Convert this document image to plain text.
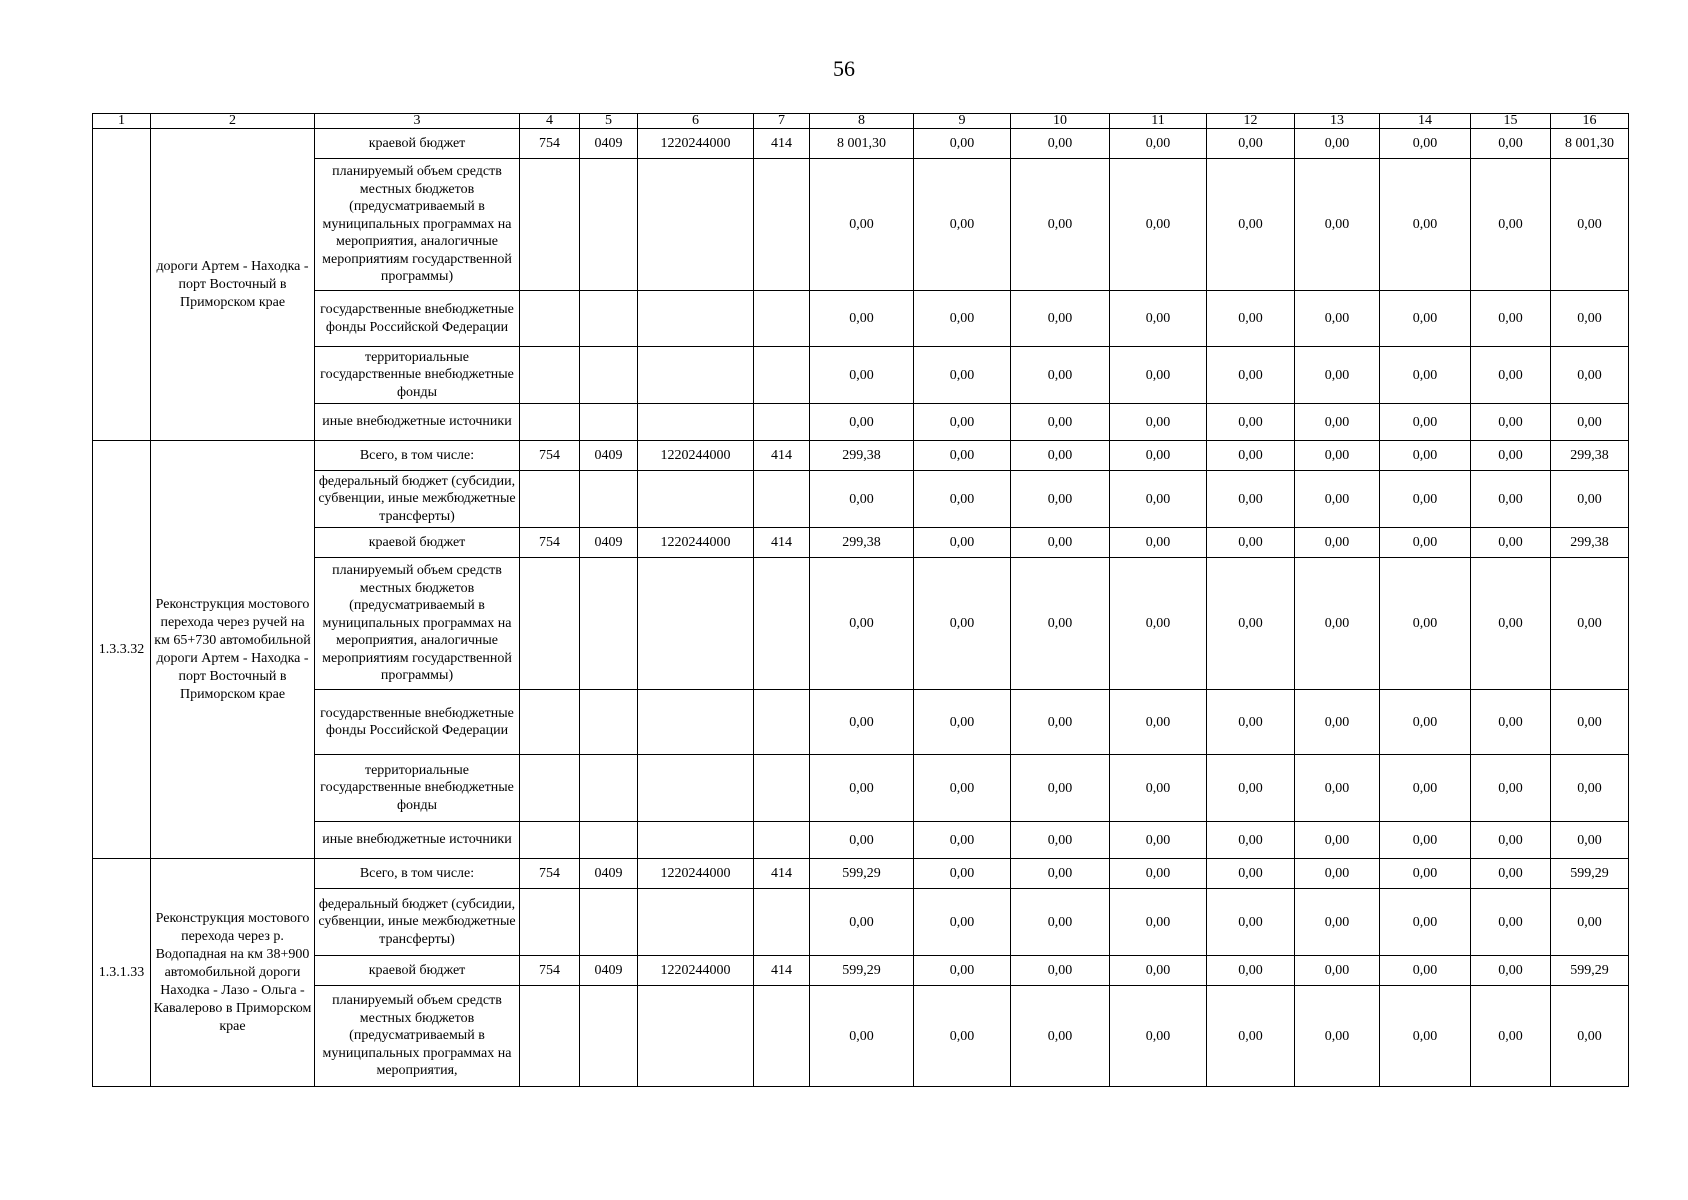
56
1	2	3	4	5	6	7	8	9	10	11	12	13	14	15	16
	дороги Артем - Находка - порт Восточный в Приморском крае	краевой бюджет	754	0409	1220244000	414	8 001,30	0,00	0,00	0,00	0,00	0,00	0,00	0,00	8 001,30
		планируемый объем средств местных бюджетов (предусматриваемый в муниципальных программах на мероприятия, аналогичные мероприятиям государственной программы)					0,00	0,00	0,00	0,00	0,00	0,00	0,00	0,00	0,00
		государственные внебюджетные фонды Российской Федерации					0,00	0,00	0,00	0,00	0,00	0,00	0,00	0,00	0,00
		территориальные государственные внебюджетные фонды					0,00	0,00	0,00	0,00	0,00	0,00	0,00	0,00	0,00
		иные внебюджетные источники					0,00	0,00	0,00	0,00	0,00	0,00	0,00	0,00	0,00
1.3.3.32	Реконструкция мостового перехода через ручей на км 65+730 автомобильной дороги Артем - Находка - порт Восточный в Приморском крае	Всего, в том числе:	754	0409	1220244000	414	299,38	0,00	0,00	0,00	0,00	0,00	0,00	0,00	299,38
		федеральный бюджет (субсидии, субвенции, иные межбюджетные трансферты)					0,00	0,00	0,00	0,00	0,00	0,00	0,00	0,00	0,00
		краевой бюджет	754	0409	1220244000	414	299,38	0,00	0,00	0,00	0,00	0,00	0,00	0,00	299,38
		планируемый объем средств местных бюджетов (предусматриваемый в муниципальных программах на мероприятия, аналогичные мероприятиям государственной программы)					0,00	0,00	0,00	0,00	0,00	0,00	0,00	0,00	0,00
		государственные внебюджетные фонды Российской Федерации					0,00	0,00	0,00	0,00	0,00	0,00	0,00	0,00	0,00
		территориальные государственные внебюджетные фонды					0,00	0,00	0,00	0,00	0,00	0,00	0,00	0,00	0,00
		иные внебюджетные источники					0,00	0,00	0,00	0,00	0,00	0,00	0,00	0,00	0,00
1.3.1.33	Реконструкция мостового перехода через р. Водопадная на км 38+900 автомобильной дороги Находка - Лазо - Ольга - Кавалерово в Приморском крае	Всего, в том числе:	754	0409	1220244000	414	599,29	0,00	0,00	0,00	0,00	0,00	0,00	0,00	599,29
		федеральный бюджет (субсидии, субвенции, иные межбюджетные трансферты)					0,00	0,00	0,00	0,00	0,00	0,00	0,00	0,00	0,00
		краевой бюджет	754	0409	1220244000	414	599,29	0,00	0,00	0,00	0,00	0,00	0,00	0,00	599,29
		планируемый объем средств местных бюджетов (предусматриваемый в муниципальных программах на мероприятия,					0,00	0,00	0,00	0,00	0,00	0,00	0,00	0,00	0,00
